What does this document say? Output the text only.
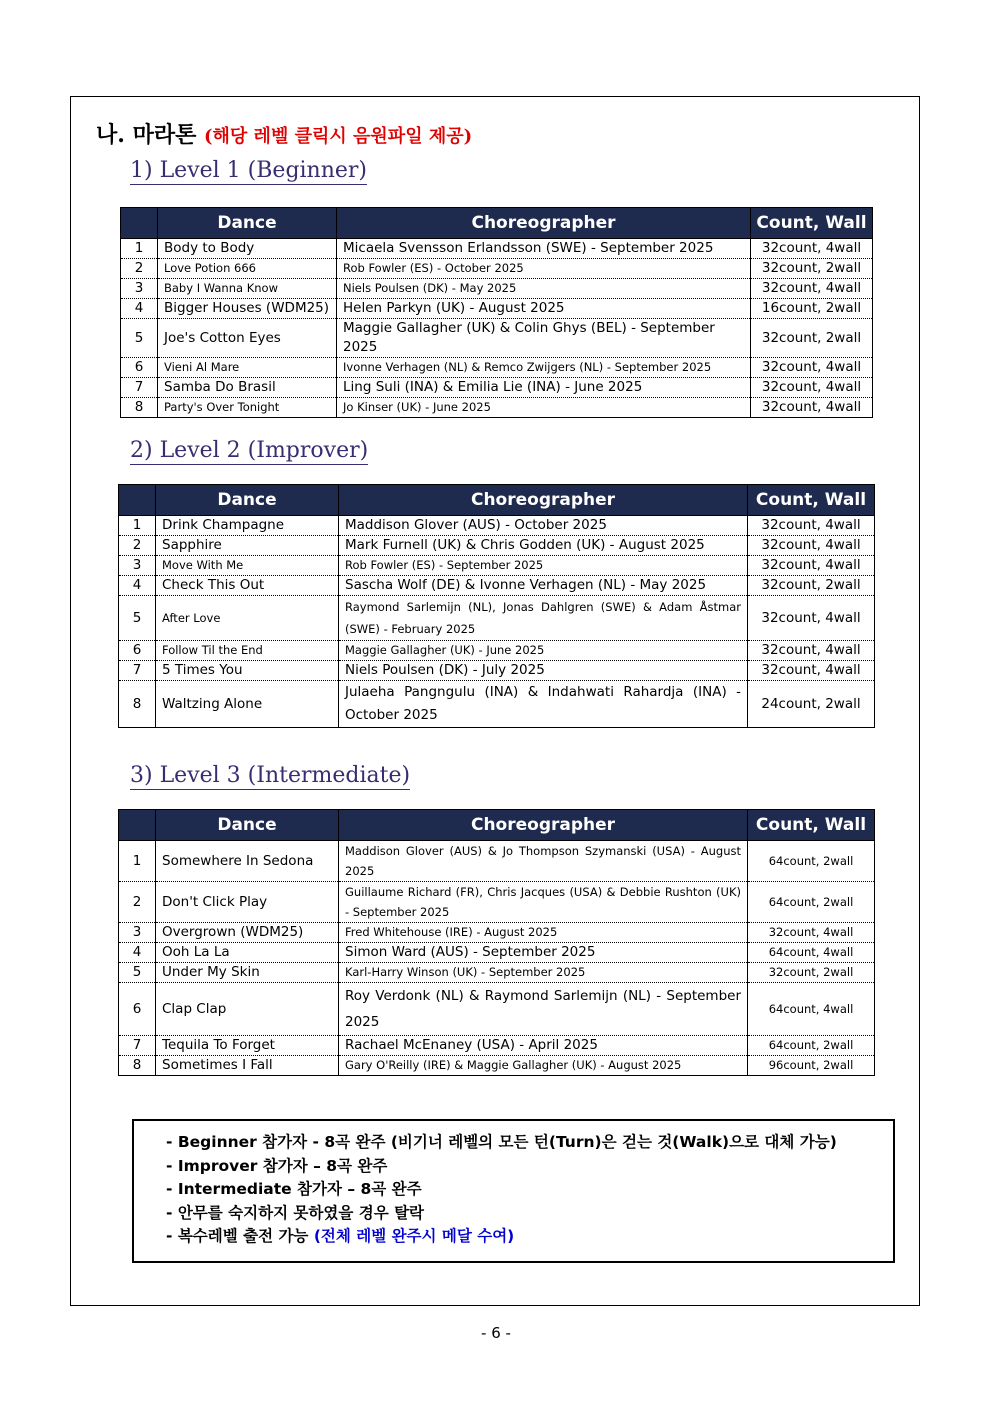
나. 마라톤 (해당 레벨 클릭시 음원파일 제공)
1) Level 1 (Beginner)
	Dance	Choreographer	Count, Wall
1	Body to Body	Micaela Svensson Erlandsson (SWE) - September 2025	32count, 4wall
2	Love Potion 666	Rob Fowler (ES) - October 2025	32count, 2wall
3	Baby I Wanna Know	Niels Poulsen (DK) - May 2025	32count, 4wall
4	Bigger Houses (WDM25)	Helen Parkyn (UK) - August 2025	16count, 2wall
5	Joe's Cotton Eyes	Maggie Gallagher (UK) & Colin Ghys (BEL) - September 2025	32count, 2wall
6	Vieni Al Mare	Ivonne Verhagen (NL) & Remco Zwijgers (NL) - September 2025	32count, 4wall
7	Samba Do Brasil	Ling Suli (INA) & Emilia Lie (INA) - June 2025	32count, 4wall
8	Party's Over Tonight	Jo Kinser (UK) - June 2025	32count, 4wall
2) Level 2 (Improver)
	Dance	Choreographer	Count, Wall
1	Drink Champagne	Maddison Glover (AUS) - October 2025	32count, 4wall
2	Sapphire	Mark Furnell (UK) & Chris Godden (UK) - August 2025	32count, 4wall
3	Move With Me	Rob Fowler (ES) - September 2025	32count, 4wall
4	Check This Out	Sascha Wolf (DE) & Ivonne Verhagen (NL) - May 2025	32count, 2wall
5	After Love	Raymond Sarlemijn (NL), Jonas Dahlgren (SWE) & Adam Åstmar (SWE) - February 2025	32count, 4wall
6	Follow Til the End	Maggie Gallagher (UK) - June 2025	32count, 4wall
7	5 Times You	Niels Poulsen (DK) - July 2025	32count, 4wall
8	Waltzing Alone	Julaeha Pangngulu (INA) & Indahwati Rahardja (INA) - October 2025	24count, 2wall
3) Level 3 (Intermediate)
	Dance	Choreographer	Count, Wall
1	Somewhere In Sedona	Maddison Glover (AUS) & Jo Thompson Szymanski (USA) - August 2025	64count, 2wall
2	Don't Click Play	Guillaume Richard (FR), Chris Jacques (USA) & Debbie Rushton (UK) - September 2025	64count, 2wall
3	Overgrown (WDM25)	Fred Whitehouse (IRE) - August 2025	32count, 4wall
4	Ooh La La	Simon Ward (AUS) - September 2025	64count, 4wall
5	Under My Skin	Karl-Harry Winson (UK) - September 2025	32count, 2wall
6	Clap Clap	Roy Verdonk (NL) & Raymond Sarlemijn (NL) - September 2025	64count, 4wall
7	Tequila To Forget	Rachael McEnaney (USA) - April 2025	64count, 2wall
8	Sometimes I Fall	Gary O'Reilly (IRE) & Maggie Gallagher (UK) - August 2025	96count, 2wall
- Beginner 참가자 - 8곡 완주 (비기너 레벨의 모든 턴(Turn)은 걷는 것(Walk)으로 대체 가능)
- Improver 참가자 – 8곡 완주
- Intermediate 참가자 – 8곡 완주
- 안무를 숙지하지 못하였을 경우 탈락
- 복수레벨 출전 가능 (전체 레벨 완주시 메달 수여)
- 6 -
